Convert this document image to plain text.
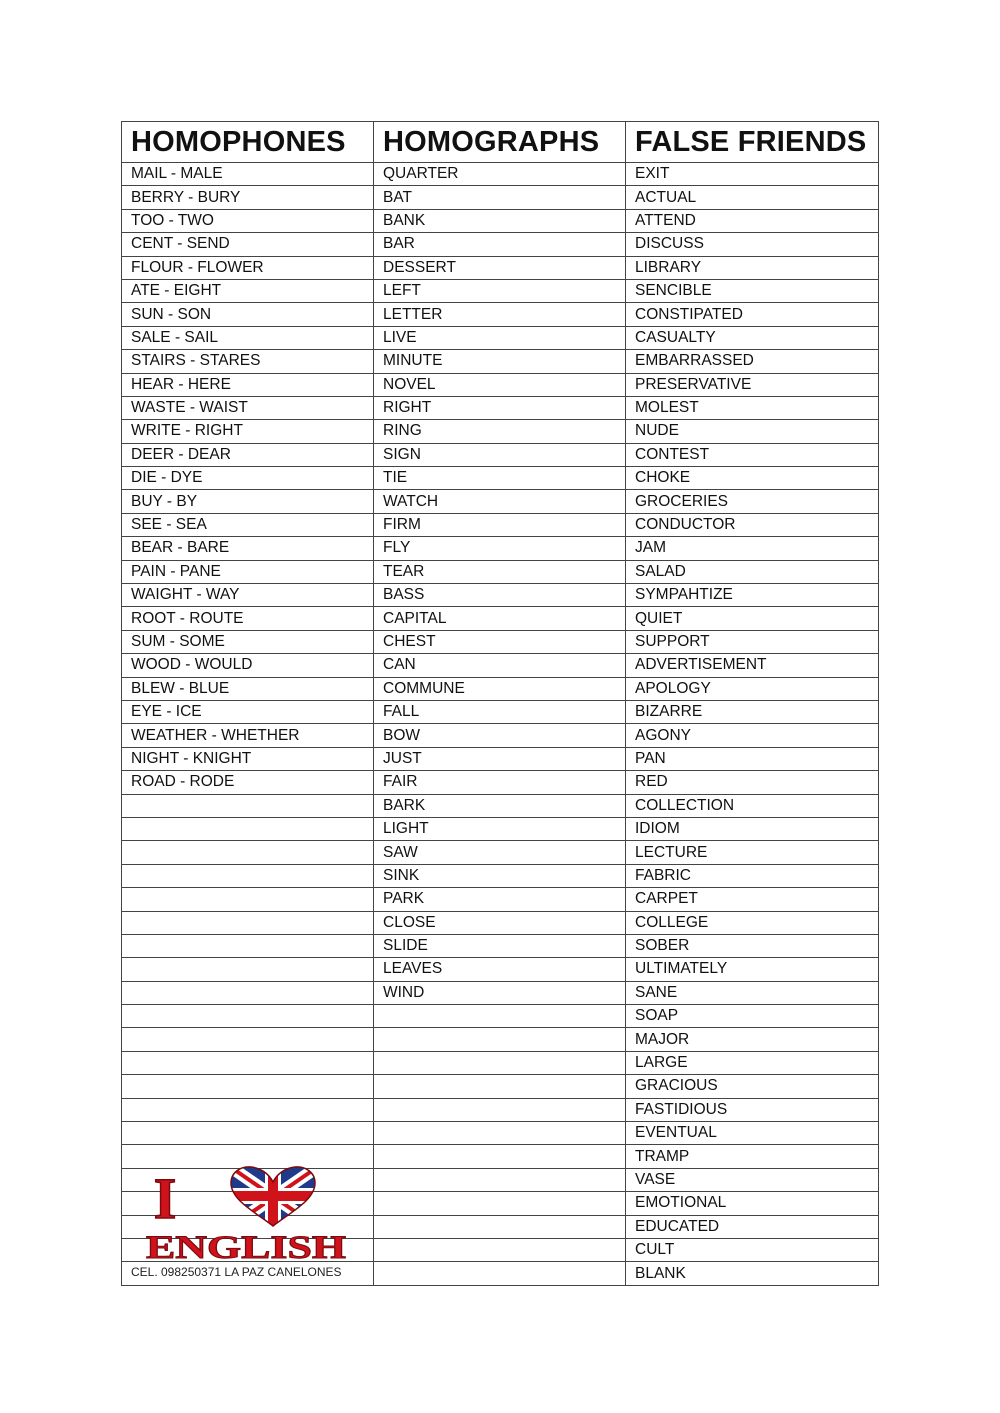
HOMOPHONES	HOMOGRAPHS	FALSE FRIENDS
MAIL - MALE	QUARTER	EXIT
BERRY - BURY	BAT	ACTUAL
TOO - TWO	BANK	ATTEND
CENT - SEND	BAR	DISCUSS
FLOUR - FLOWER	DESSERT	LIBRARY
ATE - EIGHT	LEFT	SENCIBLE
SUN - SON	LETTER	CONSTIPATED
SALE - SAIL	LIVE	CASUALTY
STAIRS - STARES	MINUTE	EMBARRASSED
HEAR - HERE	NOVEL	PRESERVATIVE
WASTE - WAIST	RIGHT	MOLEST
WRITE - RIGHT	RING	NUDE
DEER - DEAR	SIGN	CONTEST
DIE - DYE	TIE	CHOKE
BUY - BY	WATCH	GROCERIES
SEE - SEA	FIRM	CONDUCTOR
BEAR - BARE	FLY	JAM
PAIN - PANE	TEAR	SALAD
WAIGHT - WAY	BASS	SYMPAHTIZE
ROOT - ROUTE	CAPITAL	QUIET
SUM - SOME	CHEST	SUPPORT
WOOD - WOULD	CAN	ADVERTISEMENT
BLEW - BLUE	COMMUNE	APOLOGY
EYE - ICE	FALL	BIZARRE
WEATHER - WHETHER	BOW	AGONY
NIGHT - KNIGHT	JUST	PAN
ROAD - RODE	FAIR	RED
	BARK	COLLECTION
	LIGHT	IDIOM
	SAW	LECTURE
	SINK	FABRIC
	PARK	CARPET
	CLOSE	COLLEGE
	SLIDE	SOBER
	LEAVES	ULTIMATELY
	WIND	SANE
		SOAP
		MAJOR
		LARGE
		GRACIOUS
		FASTIDIOUS
		EVENTUAL
		TRAMP
		VASE
		EMOTIONAL
		EDUCATED
		CULT
		BLANK
I
ENGLISH
CEL. 098250371 LA PAZ CANELONES
